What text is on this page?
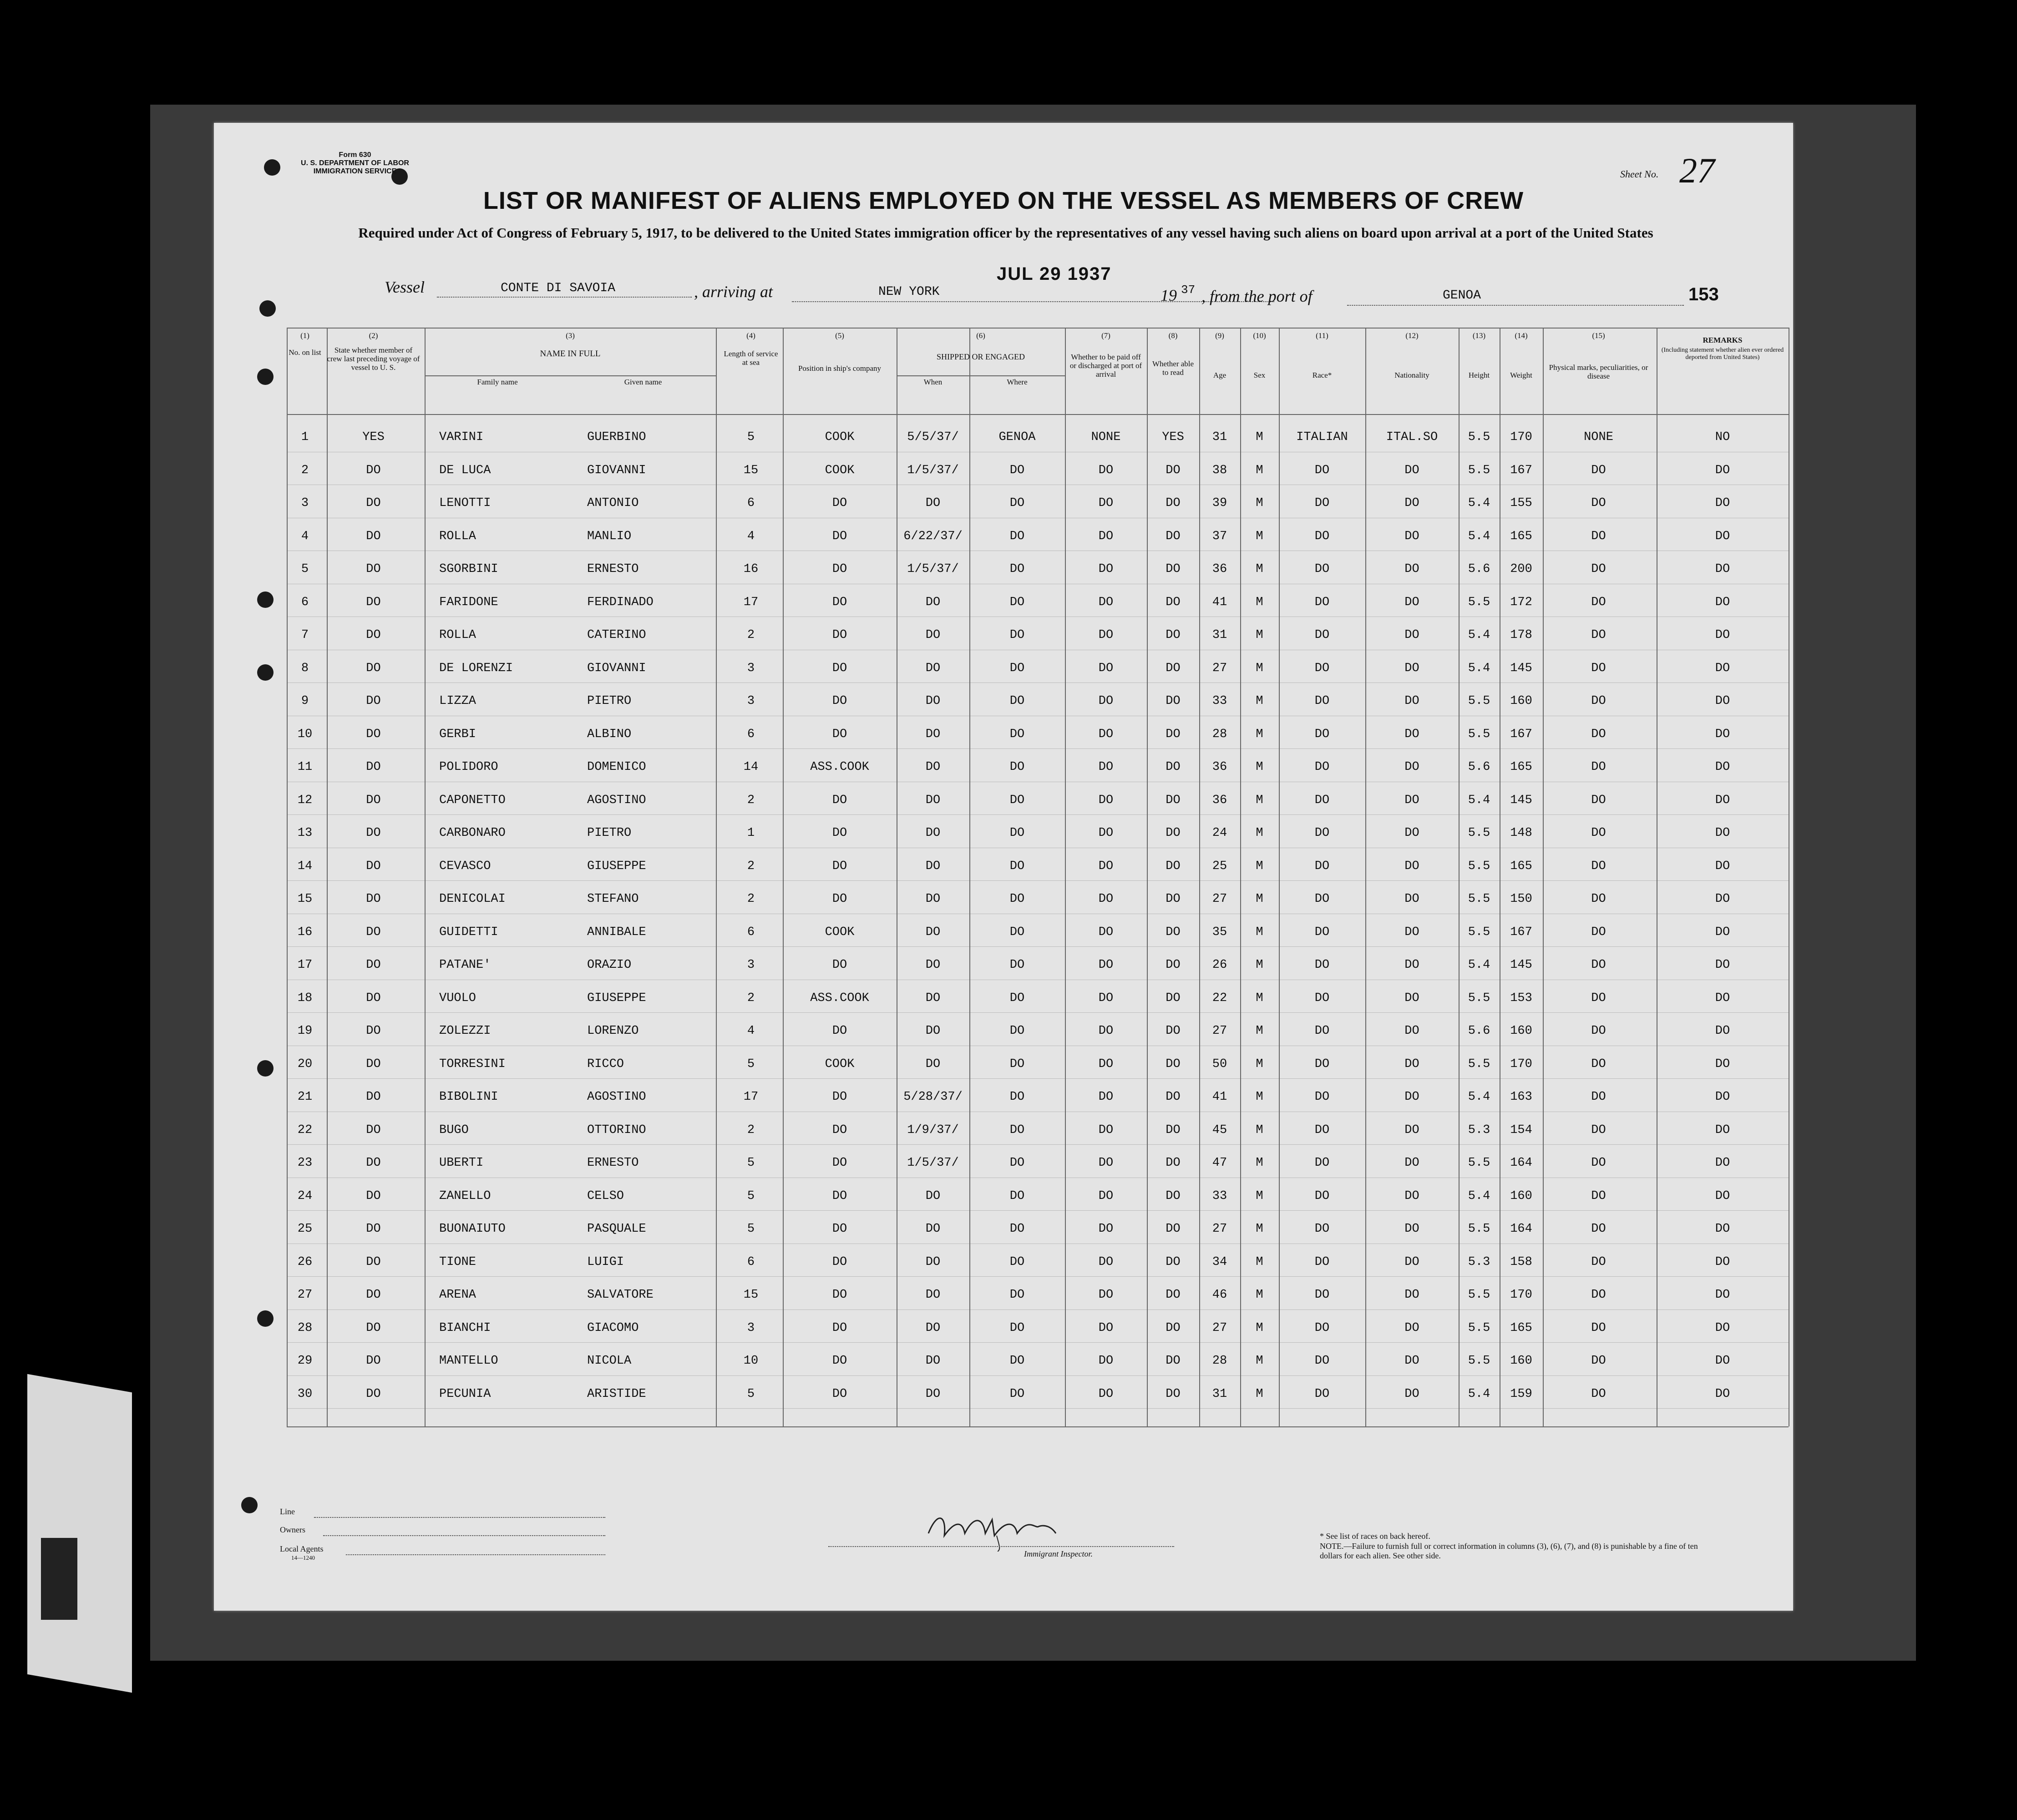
Form 630
U. S. DEPARTMENT OF LABOR
IMMIGRATION SERVICE	Sheet No. 27
LIST OR MANIFEST OF ALIENS EMPLOYED ON THE VESSEL AS MEMBERS OF CREW
Required under Act of Congress of February 5, 1917, to be delivered to the United States immigration officer by the representatives of any vessel having such aliens on board upon arrival at a port of the United States
Vessel	CONTE DI SAVOIA	, arriving at	NEW YORK
JUL 29 1937
19 37 , from the port of	GENOA	153
(1)
No. on list
(2)
State whether member of crew last preceding voyage of vessel to U. S.
(3)
NAME IN FULL
Family name	Given name
(4)
Length of service at sea
(5)
Position in ship's company
(6)
SHIPPED OR ENGAGED
When	Where
(7)
Whether to be paid off or discharged at port of arrival
(8)
Whether able to read
(9)
Age
(10)
Sex
(11)
Race*
(12)
Nationality
(13)
Height
(14)
Weight
(15)
Physical marks, peculiarities, or disease
REMARKS
(Including statement whether alien ever ordered deported from United States)
1	YES	VARINI	GUERBINO	5	COOK	5/5/37/	GENOA	NONE	YES	31	M	ITALIAN	ITAL.SO	5.5	170	NONE	NO
2	DO	DE LUCA	GIOVANNI	15	COOK	1/5/37/	DO	DO	DO	38	M	DO	DO	5.5	167	DO	DO
3	DO	LENOTTI	ANTONIO	6	DO	DO	DO	DO	DO	39	M	DO	DO	5.4	155	DO	DO
4	DO	ROLLA	MANLIO	4	DO	6/22/37/	DO	DO	DO	37	M	DO	DO	5.4	165	DO	DO
5	DO	SGORBINI	ERNESTO	16	DO	1/5/37/	DO	DO	DO	36	M	DO	DO	5.6	200	DO	DO
6	DO	FARIDONE	FERDINADO	17	DO	DO	DO	DO	DO	41	M	DO	DO	5.5	172	DO	DO
7	DO	ROLLA	CATERINO	2	DO	DO	DO	DO	DO	31	M	DO	DO	5.4	178	DO	DO
8	DO	DE LORENZI	GIOVANNI	3	DO	DO	DO	DO	DO	27	M	DO	DO	5.4	145	DO	DO
9	DO	LIZZA	PIETRO	3	DO	DO	DO	DO	DO	33	M	DO	DO	5.5	160	DO	DO
10	DO	GERBI	ALBINO	6	DO	DO	DO	DO	DO	28	M	DO	DO	5.5	167	DO	DO
11	DO	POLIDORO	DOMENICO	14	ASS.COOK	DO	DO	DO	DO	36	M	DO	DO	5.6	165	DO	DO
12	DO	CAPONETTO	AGOSTINO	2	DO	DO	DO	DO	DO	36	M	DO	DO	5.4	145	DO	DO
13	DO	CARBONARO	PIETRO	1	DO	DO	DO	DO	DO	24	M	DO	DO	5.5	148	DO	DO
14	DO	CEVASCO	GIUSEPPE	2	DO	DO	DO	DO	DO	25	M	DO	DO	5.5	165	DO	DO
15	DO	DENICOLAI	STEFANO	2	DO	DO	DO	DO	DO	27	M	DO	DO	5.5	150	DO	DO
16	DO	GUIDETTI	ANNIBALE	6	COOK	DO	DO	DO	DO	35	M	DO	DO	5.5	167	DO	DO
17	DO	PATANE'	ORAZIO	3	DO	DO	DO	DO	DO	26	M	DO	DO	5.4	145	DO	DO
18	DO	VUOLO	GIUSEPPE	2	ASS.COOK	DO	DO	DO	DO	22	M	DO	DO	5.5	153	DO	DO
19	DO	ZOLEZZI	LORENZO	4	DO	DO	DO	DO	DO	27	M	DO	DO	5.6	160	DO	DO
20	DO	TORRESINI	RICCO	5	COOK	DO	DO	DO	DO	50	M	DO	DO	5.5	170	DO	DO
21	DO	BIBOLINI	AGOSTINO	17	DO	5/28/37/	DO	DO	DO	41	M	DO	DO	5.4	163	DO	DO
22	DO	BUGO	OTTORINO	2	DO	1/9/37/	DO	DO	DO	45	M	DO	DO	5.3	154	DO	DO
23	DO	UBERTI	ERNESTO	5	DO	1/5/37/	DO	DO	DO	47	M	DO	DO	5.5	164	DO	DO
24	DO	ZANELLO	CELSO	5	DO	DO	DO	DO	DO	33	M	DO	DO	5.4	160	DO	DO
25	DO	BUONAIUTO	PASQUALE	5	DO	DO	DO	DO	DO	27	M	DO	DO	5.5	164	DO	DO
26	DO	TIONE	LUIGI	6	DO	DO	DO	DO	DO	34	M	DO	DO	5.3	158	DO	DO
27	DO	ARENA	SALVATORE	15	DO	DO	DO	DO	DO	46	M	DO	DO	5.5	170	DO	DO
28	DO	BIANCHI	GIACOMO	3	DO	DO	DO	DO	DO	27	M	DO	DO	5.5	165	DO	DO
29	DO	MANTELLO	NICOLA	10	DO	DO	DO	DO	DO	28	M	DO	DO	5.5	160	DO	DO
30	DO	PECUNIA	ARISTIDE	5	DO	DO	DO	DO	DO	31	M	DO	DO	5.4	159	DO	DO
Line
Owners
Local Agents
14—1240	Immigrant Inspector.
* See list of races on back hereof.
NOTE.—Failure to furnish full or correct information in columns (3), (6), (7), and (8) is punishable by a fine of ten dollars for each alien. See other side.
